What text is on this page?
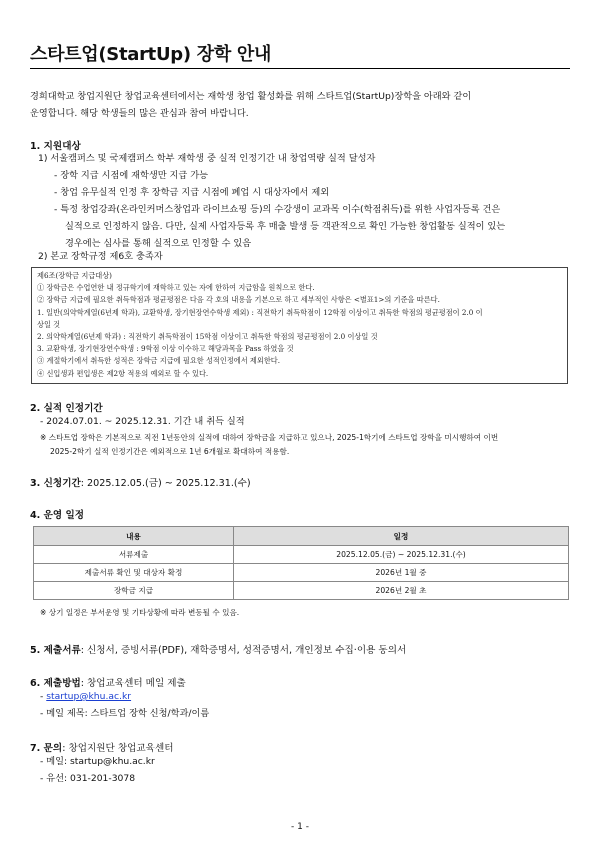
스타트업(StartUp) 장학 안내
경희대학교 창업지원단 창업교육센터에서는 재학생 창업 활성화를 위해 스타트업(StartUp)장학을 아래와 같이
운영합니다. 해당 학생들의 많은 관심과 참여 바랍니다.
1. 지원대상
1) 서울캠퍼스 및 국제캠퍼스 학부 재학생 중 실적 인정기간 내 창업역량 실적 달성자
- 장학 지급 시점에 재학생만 지급 가능
- 창업 유무실적 인정 후 장학금 지급 시점에 폐업 시 대상자에서 제외
- 특정 창업강좌(온라인커머스창업과 라이브쇼핑 등)의 수강생이 교과목 이수(학점취득)를 위한 사업자등록 건은
실적으로 인정하지 않음. 다만, 실제 사업자등록 후 매출 발생 등 객관적으로 확인 가능한 창업활동 실적이 있는
경우에는 심사를 통해 실적으로 인정할 수 있음
2) 본교 장학규정 제6호 충족자
제6조(장학금 지급대상)
① 장학금은 수업연한 내 정규학기에 재학하고 있는 자에 한하여 지급함을 원칙으로 한다.
② 장학금 지급에 필요한 취득학점과 평균평점은 다음 각 호의 내용을 기본으로 하고 세부적인 사항은 <별표1>의 기준을 따른다.
1. 일반(의약학계열(6년제 학과), 교환학생, 장기현장연수학생 제외) : 직전학기 취득학점이 12학점 이상이고 취득한 학점의 평균평점이 2.0 이
상일 것
2. 의약학계열(6년제 학과) : 직전학기 취득학점이 15학점 이상이고 취득한 학점의 평균평점이 2.0 이상일 것
3. 교환학생, 장기현장연수학생 : 9학점 이상 이수하고 해당과목을 Pass 하였을 것
③ 계절학기에서 취득한 성적은 장학금 지급에 필요한 성적인정에서 제외한다.
④ 신입생과 편입생은 제2항 적용의 예외로 할 수 있다.
2. 실적 인정기간
- 2024.07.01. ~ 2025.12.31. 기간 내 취득 실적
※ 스타트업 장학은 기본적으로 직전 1년동안의 실적에 대하여 장학금을 지급하고 있으나, 2025-1학기에 스타트업 장학을 미시행하여 이번
2025-2학기 실적 인정기간은 예외적으로 1년 6개월로 확대하여 적용함.
3. 신청기간: 2025.12.05.(금) ~ 2025.12.31.(수)
4. 운영 일정
내용	일정
서류제출	2025.12.05.(금) ~ 2025.12.31.(수)
제출서류 확인 및 대상자 확정	2026년 1월 중
장학금 지급	2026년 2월 초
※ 상기 일정은 부서운영 및 기타상황에 따라 변동될 수 있음.
5. 제출서류: 신청서, 증빙서류(PDF), 재학증명서, 성적증명서, 개인정보 수집·이용 동의서
6. 제출방법: 창업교육센터 메일 제출
- startup@khu.ac.kr
- 메일 제목: 스타트업 장학 신청/학과/이름
7. 문의: 창업지원단 창업교육센터
- 메일: startup@khu.ac.kr
- 유선: 031-201-3078
- 1 -
